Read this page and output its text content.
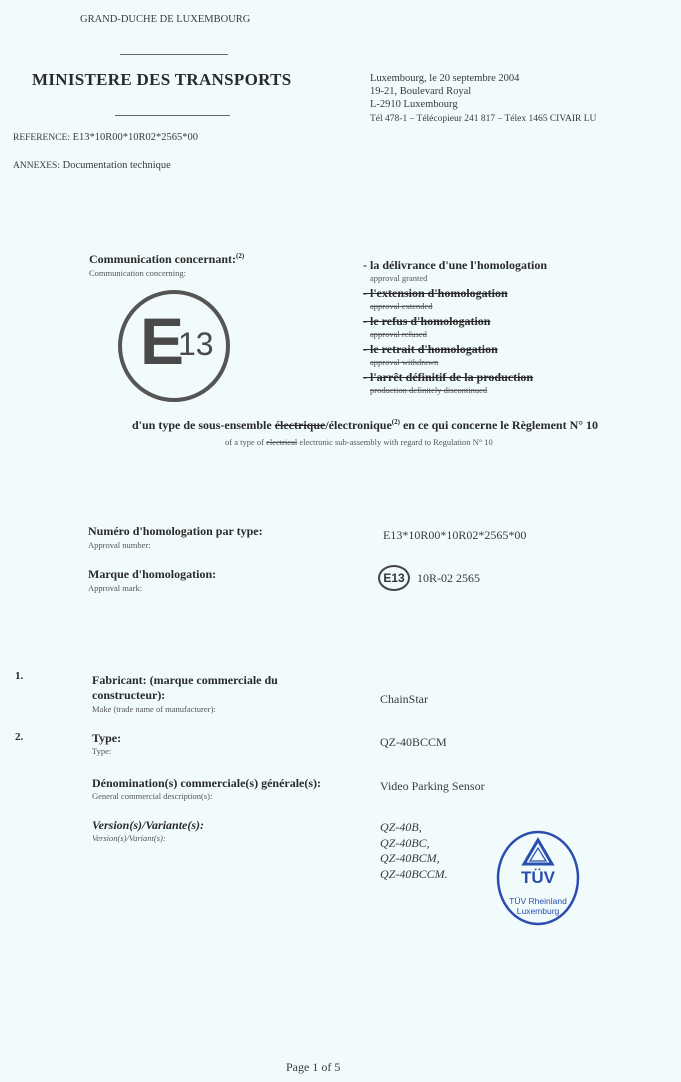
GRAND-DUCHE DE LUXEMBOURG
MINISTERE DES TRANSPORTS	Luxembourg, le 20 septembre 2004
19-21, Boulevard Royal
L-2910 Luxembourg
Tél 478-1 – Télécopieur 241 817 – Télex 1465 CIVAIR LU
REFERENCE: E13*10R00*10R02*2565*00
ANNEXES: Documentation technique
Communication concernant:$^{(2)}$
Communication concerning:
E
13
- la délivrance d'une l'homologation
approval granted
- l'extension d'homologation
approval extended
- le refus d'homologation
approval refused
- le retrait d'homologation
approval withdrawn
- l'arrêt définitif de la production
production definitely discontinued
d'un type de sous-ensemble électrique/électronique$^{(2)}$ en ce qui concerne le Règlement N° 10
of a type of electrical electronic sub-assembly with regard to Regulation N° 10
Numéro d'homologation par type:
Approval number:
E13*10R00*10R02*2565*00
Marque d'homologation:
Approval mark:
E13	10R-02 2565
1.	Fabricant: (marque commerciale du
constructeur):
Make (trade name of manufacturer):
ChainStar
2.	Type:
Type:
QZ-40BCCM
Dénomination(s) commerciale(s) générale(s):
General commercial description(s):
Video Parking Sensor
Version(s)/Variante(s):
Version(s)/Variant(s):
QZ-40B,
QZ-40BC,
QZ-40BCM,
QZ-40BCCM.	TÜV
TÜV Rheinland
Luxemburg
Page 1 of 5
